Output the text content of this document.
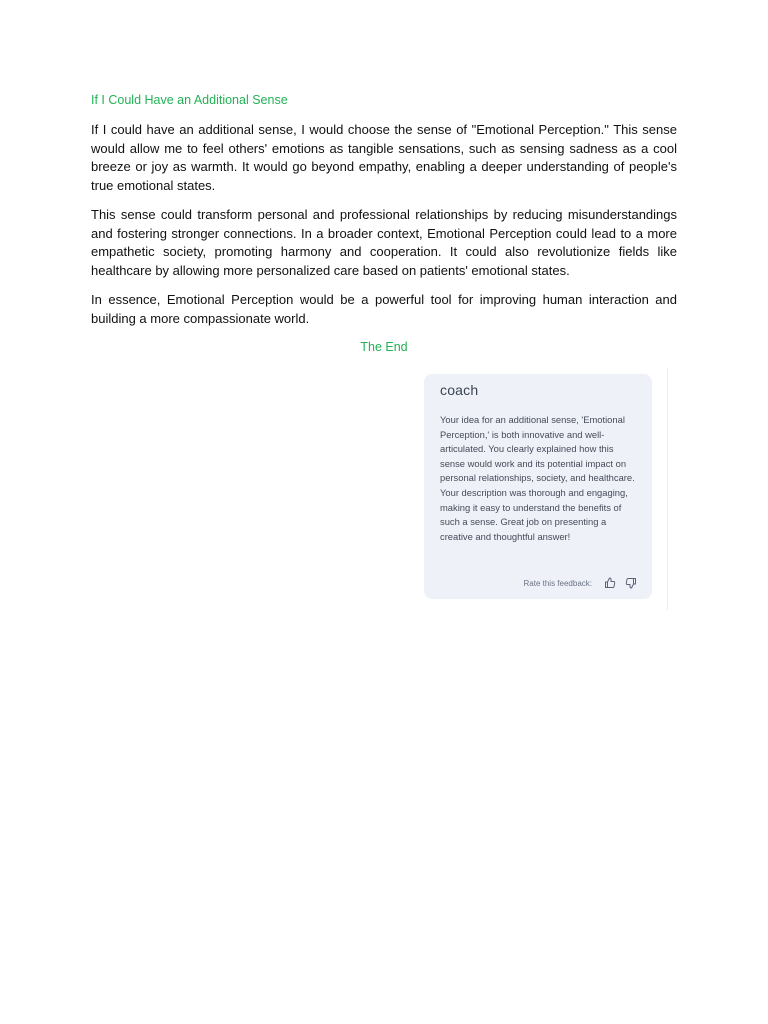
If I Could Have an Additional Sense

If I could have an additional sense, I would choose the sense of "Emotional Perception." This sense would allow me to feel others' emotions as tangible sensations, such as sensing sadness as a cool breeze or joy as warmth. It would go beyond empathy, enabling a deeper understanding of people's true emotional states.

This sense could transform personal and professional relationships by reducing misunderstandings and fostering stronger connections. In a broader context, Emotional Perception could lead to a more empathetic society, promoting harmony and cooperation. It could also revolutionize fields like healthcare by allowing more personalized care based on patients' emotional states.

In essence, Emotional Perception would be a powerful tool for improving human interaction and building a more compassionate world.

The End
coach

Your idea for an additional sense, 'Emotional Perception,' is both innovative and well-articulated. You clearly explained how this sense would work and its potential impact on personal relationships, society, and healthcare. Your description was thorough and engaging, making it easy to understand the benefits of such a sense. Great job on presenting a creative and thoughtful answer!

Rate this feedback:
